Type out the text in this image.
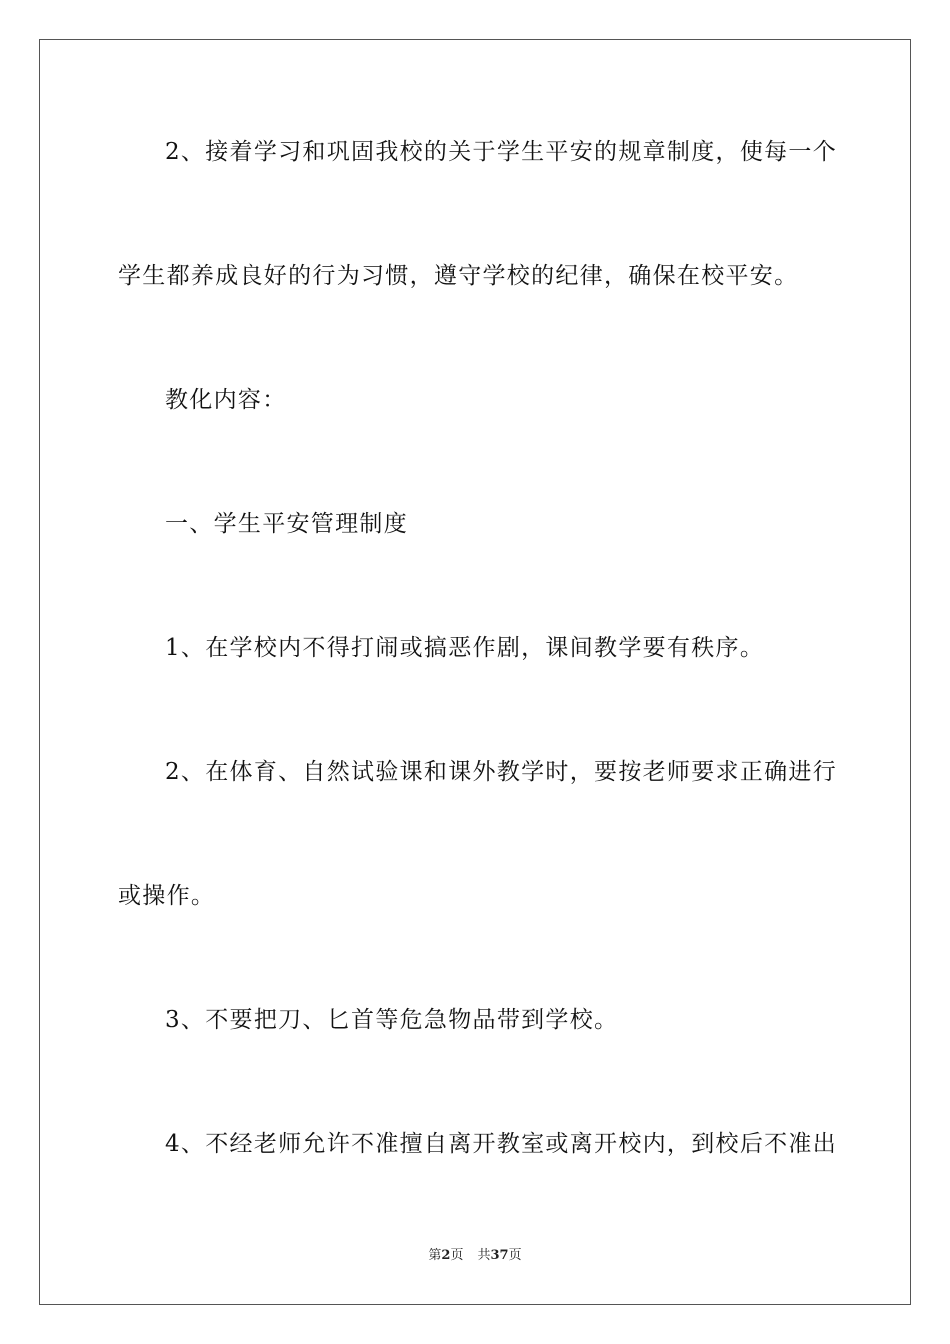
2、接着学习和巩固我校的关于学生平安的规章制度，使每一个
学生都养成良好的行为习惯，遵守学校的纪律，确保在校平安。
教化内容：
一、学生平安管理制度
1、在学校内不得打闹或搞恶作剧，课间教学要有秩序。
2、在体育、自然试验课和课外教学时，要按老师要求正确进行
或操作。
3、不要把刀、匕首等危急物品带到学校。
4、不经老师允许不准擅自离开教室或离开校内，到校后不准出
第2页 共37页
